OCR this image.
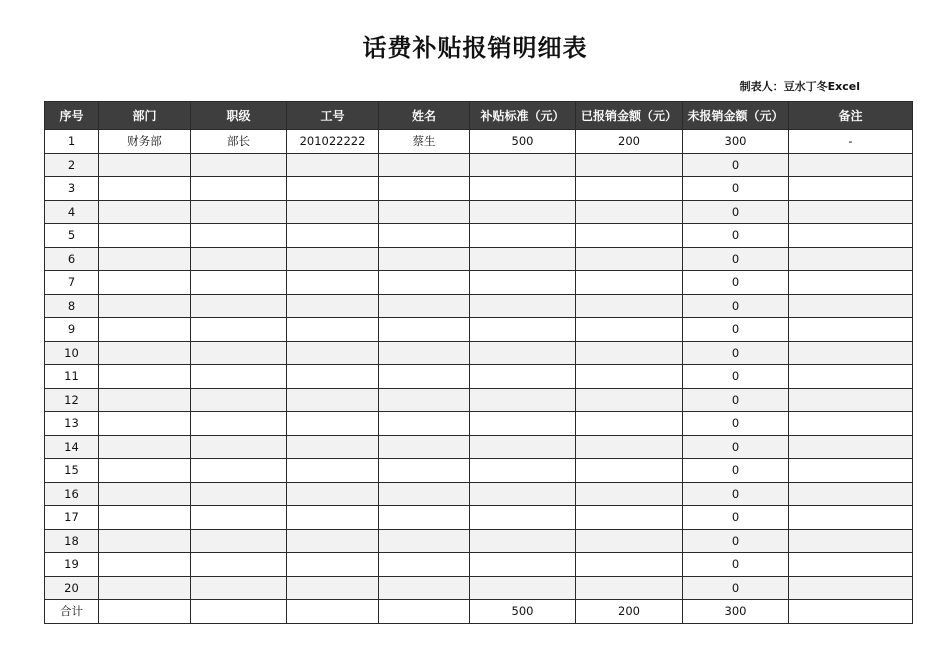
话费补贴报销明细表
制表人：豆水丁冬Excel
序号	部门	职级	工号	姓名	补贴标准（元）	已报销金额（元）	未报销金额（元）	备注
1	财务部	部长	201022222	蔡生	500	200	300	-
2							0	
3							0	
4							0	
5							0	
6							0	
7							0	
8							0	
9							0	
10							0	
11							0	
12							0	
13							0	
14							0	
15							0	
16							0	
17							0	
18							0	
19							0	
20							0	
合计					500	200	300	
